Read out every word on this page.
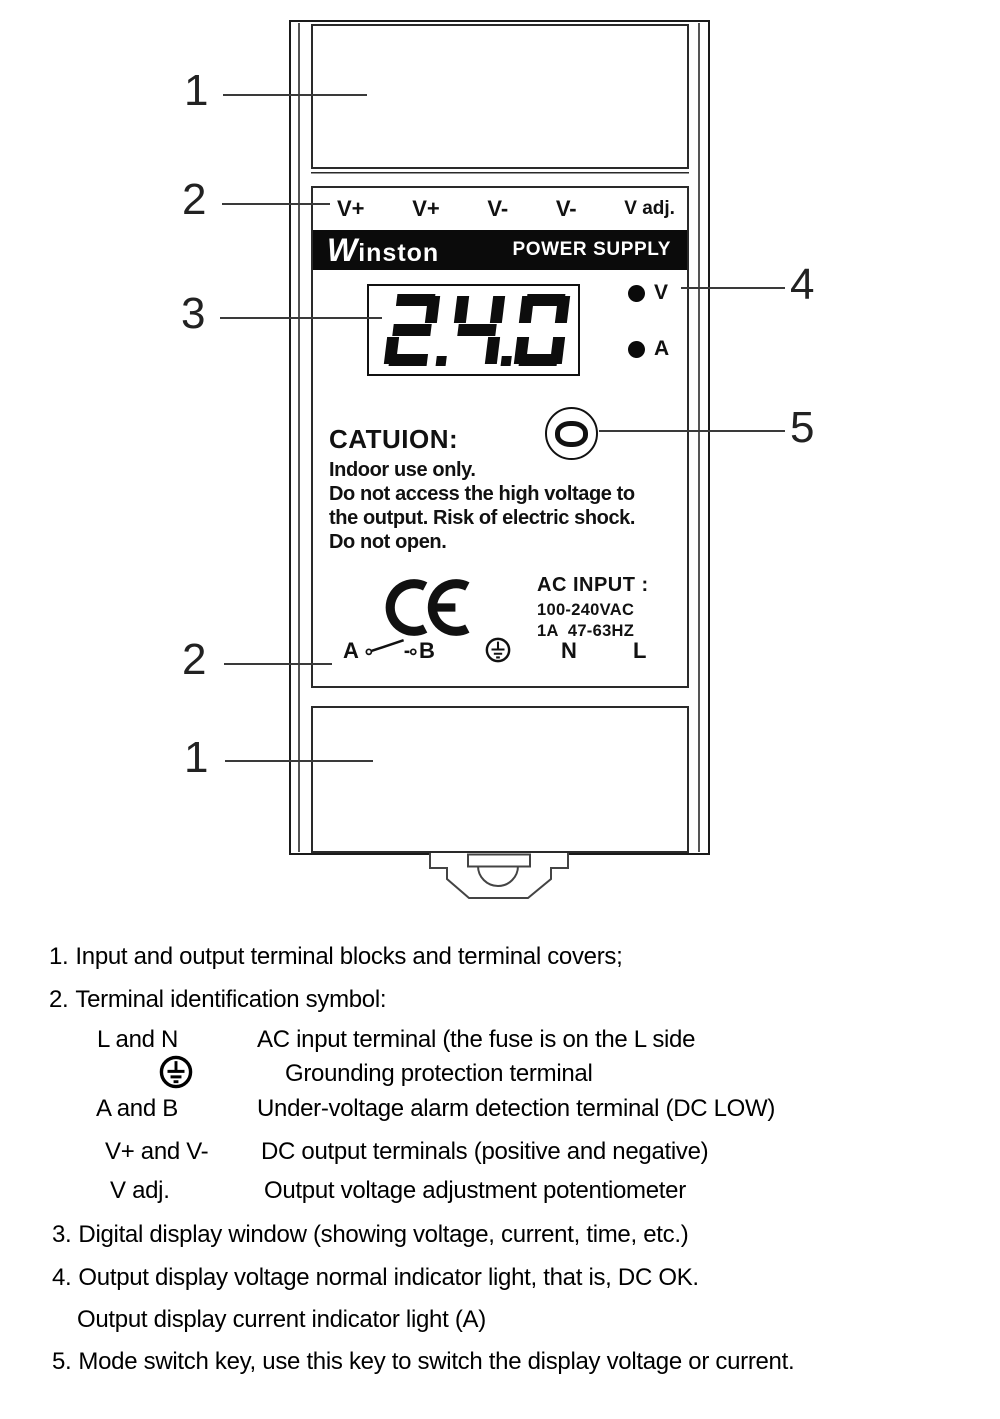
V+ V+ V- V-	V adj.
W inston	POWER SUPPLY
V
A
CATUION:
Indoor use only.
Do not access the high voltage to
the output. Risk of electric shock.
Do not open.
AC INPUT :
100-240VAC
1A  47-63HZ
A	B	N	L
1
2
3
4
5
2
1
1. Input and output terminal blocks and terminal covers;
2. Terminal identification symbol:
L and N	AC input terminal (the fuse is on the L side
Grounding protection terminal
A and B	Under-voltage alarm detection terminal (DC LOW)
V+ and V- DC output terminals (positive and negative)
V adj.	Output voltage adjustment potentiometer
3. Digital display window (showing voltage, current, time, etc.)
4. Output display voltage normal indicator light, that is, DC OK.
Output display current indicator light (A)
5. Mode switch key, use this key to switch the display voltage or current.
